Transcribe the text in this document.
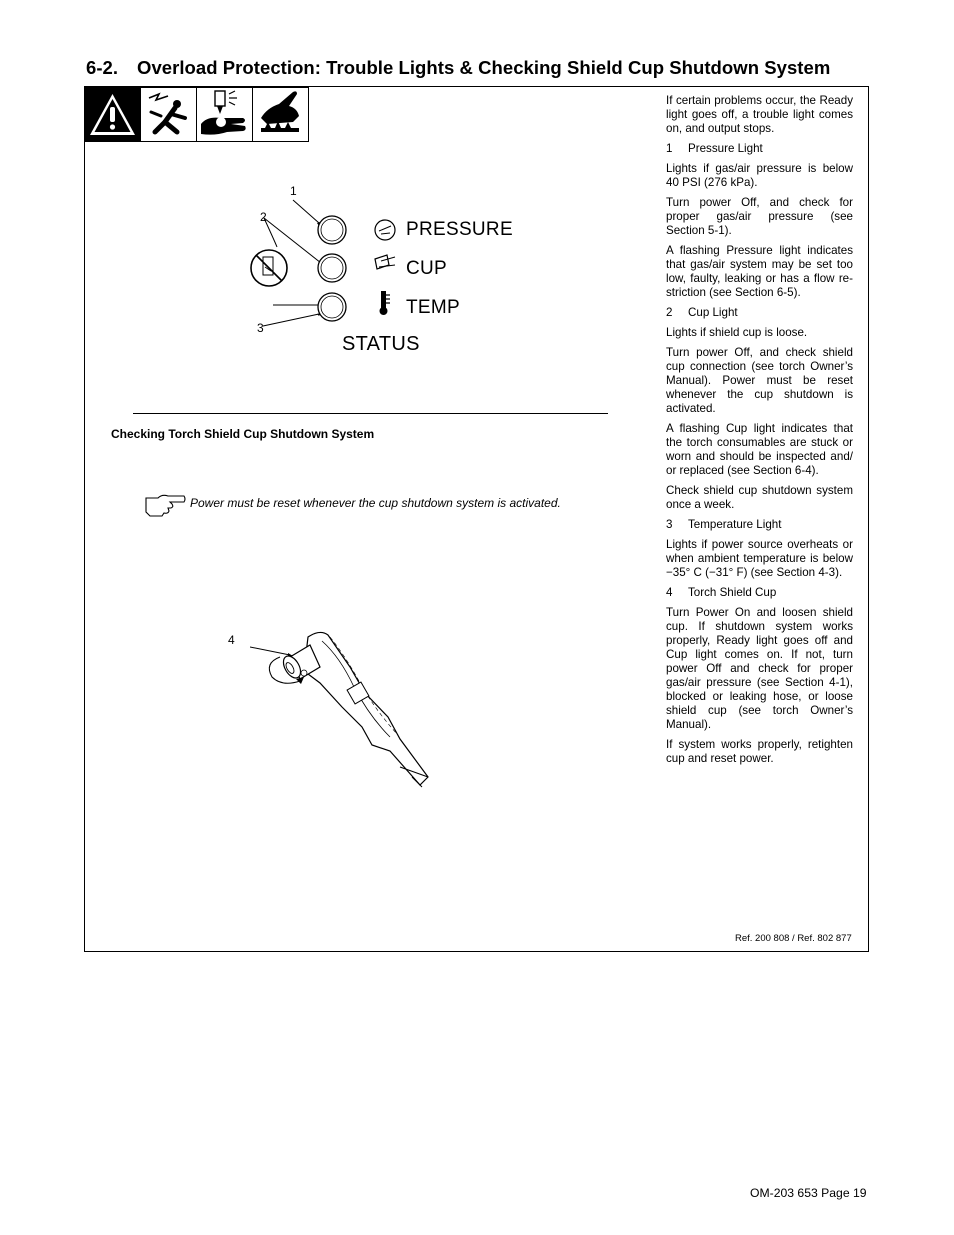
6-2. Overload Protection: Trouble Lights & Checking Shield Cup Shutdown System
1
2
3
PRESSURE
CUP
TEMP
STATUS
4
Checking Torch Shield Cup Shutdown System
Power must be reset whenever the cup shutdown system is activated.

If certain problems occur, the Ready light goes off, a trouble light comes on, and output stops.

1 Pressure Light

Lights if gas/air pressure is below 40 PSI (276 kPa).

Turn power Off, and check for proper gas/air pressure (see Section 5-1).

A flashing Pressure light indicates that gas/air system may be set too low, faulty, leaking or has a flow re-striction (see Section 6-5).

2 Cup Light

Lights if shield cup is loose.

Turn power Off, and check shield cup connection (see torch Owner’s Manual). Power must be reset whenever the cup shutdown is activated.

A flashing Cup light indicates that the torch consumables are stuck or worn and should be inspected and/ or replaced (see Section 6-4).

Check shield cup shutdown system once a week.

3 Temperature Light

Lights if power source overheats or when ambient temperature is below −35° C (−31° F) (see Section 4-3).

4 Torch Shield Cup

Turn Power On and loosen shield cup. If shutdown system works properly, Ready light goes off and Cup light comes on. If not, turn power Off and check for proper gas/air pressure (see Section 4-1), blocked or leaking hose, or loose shield cup (see torch Owner’s Manual).

If system works properly, retighten cup and reset power.

Ref. 200 808 / Ref. 802 877
OM-203 653 Page 19
